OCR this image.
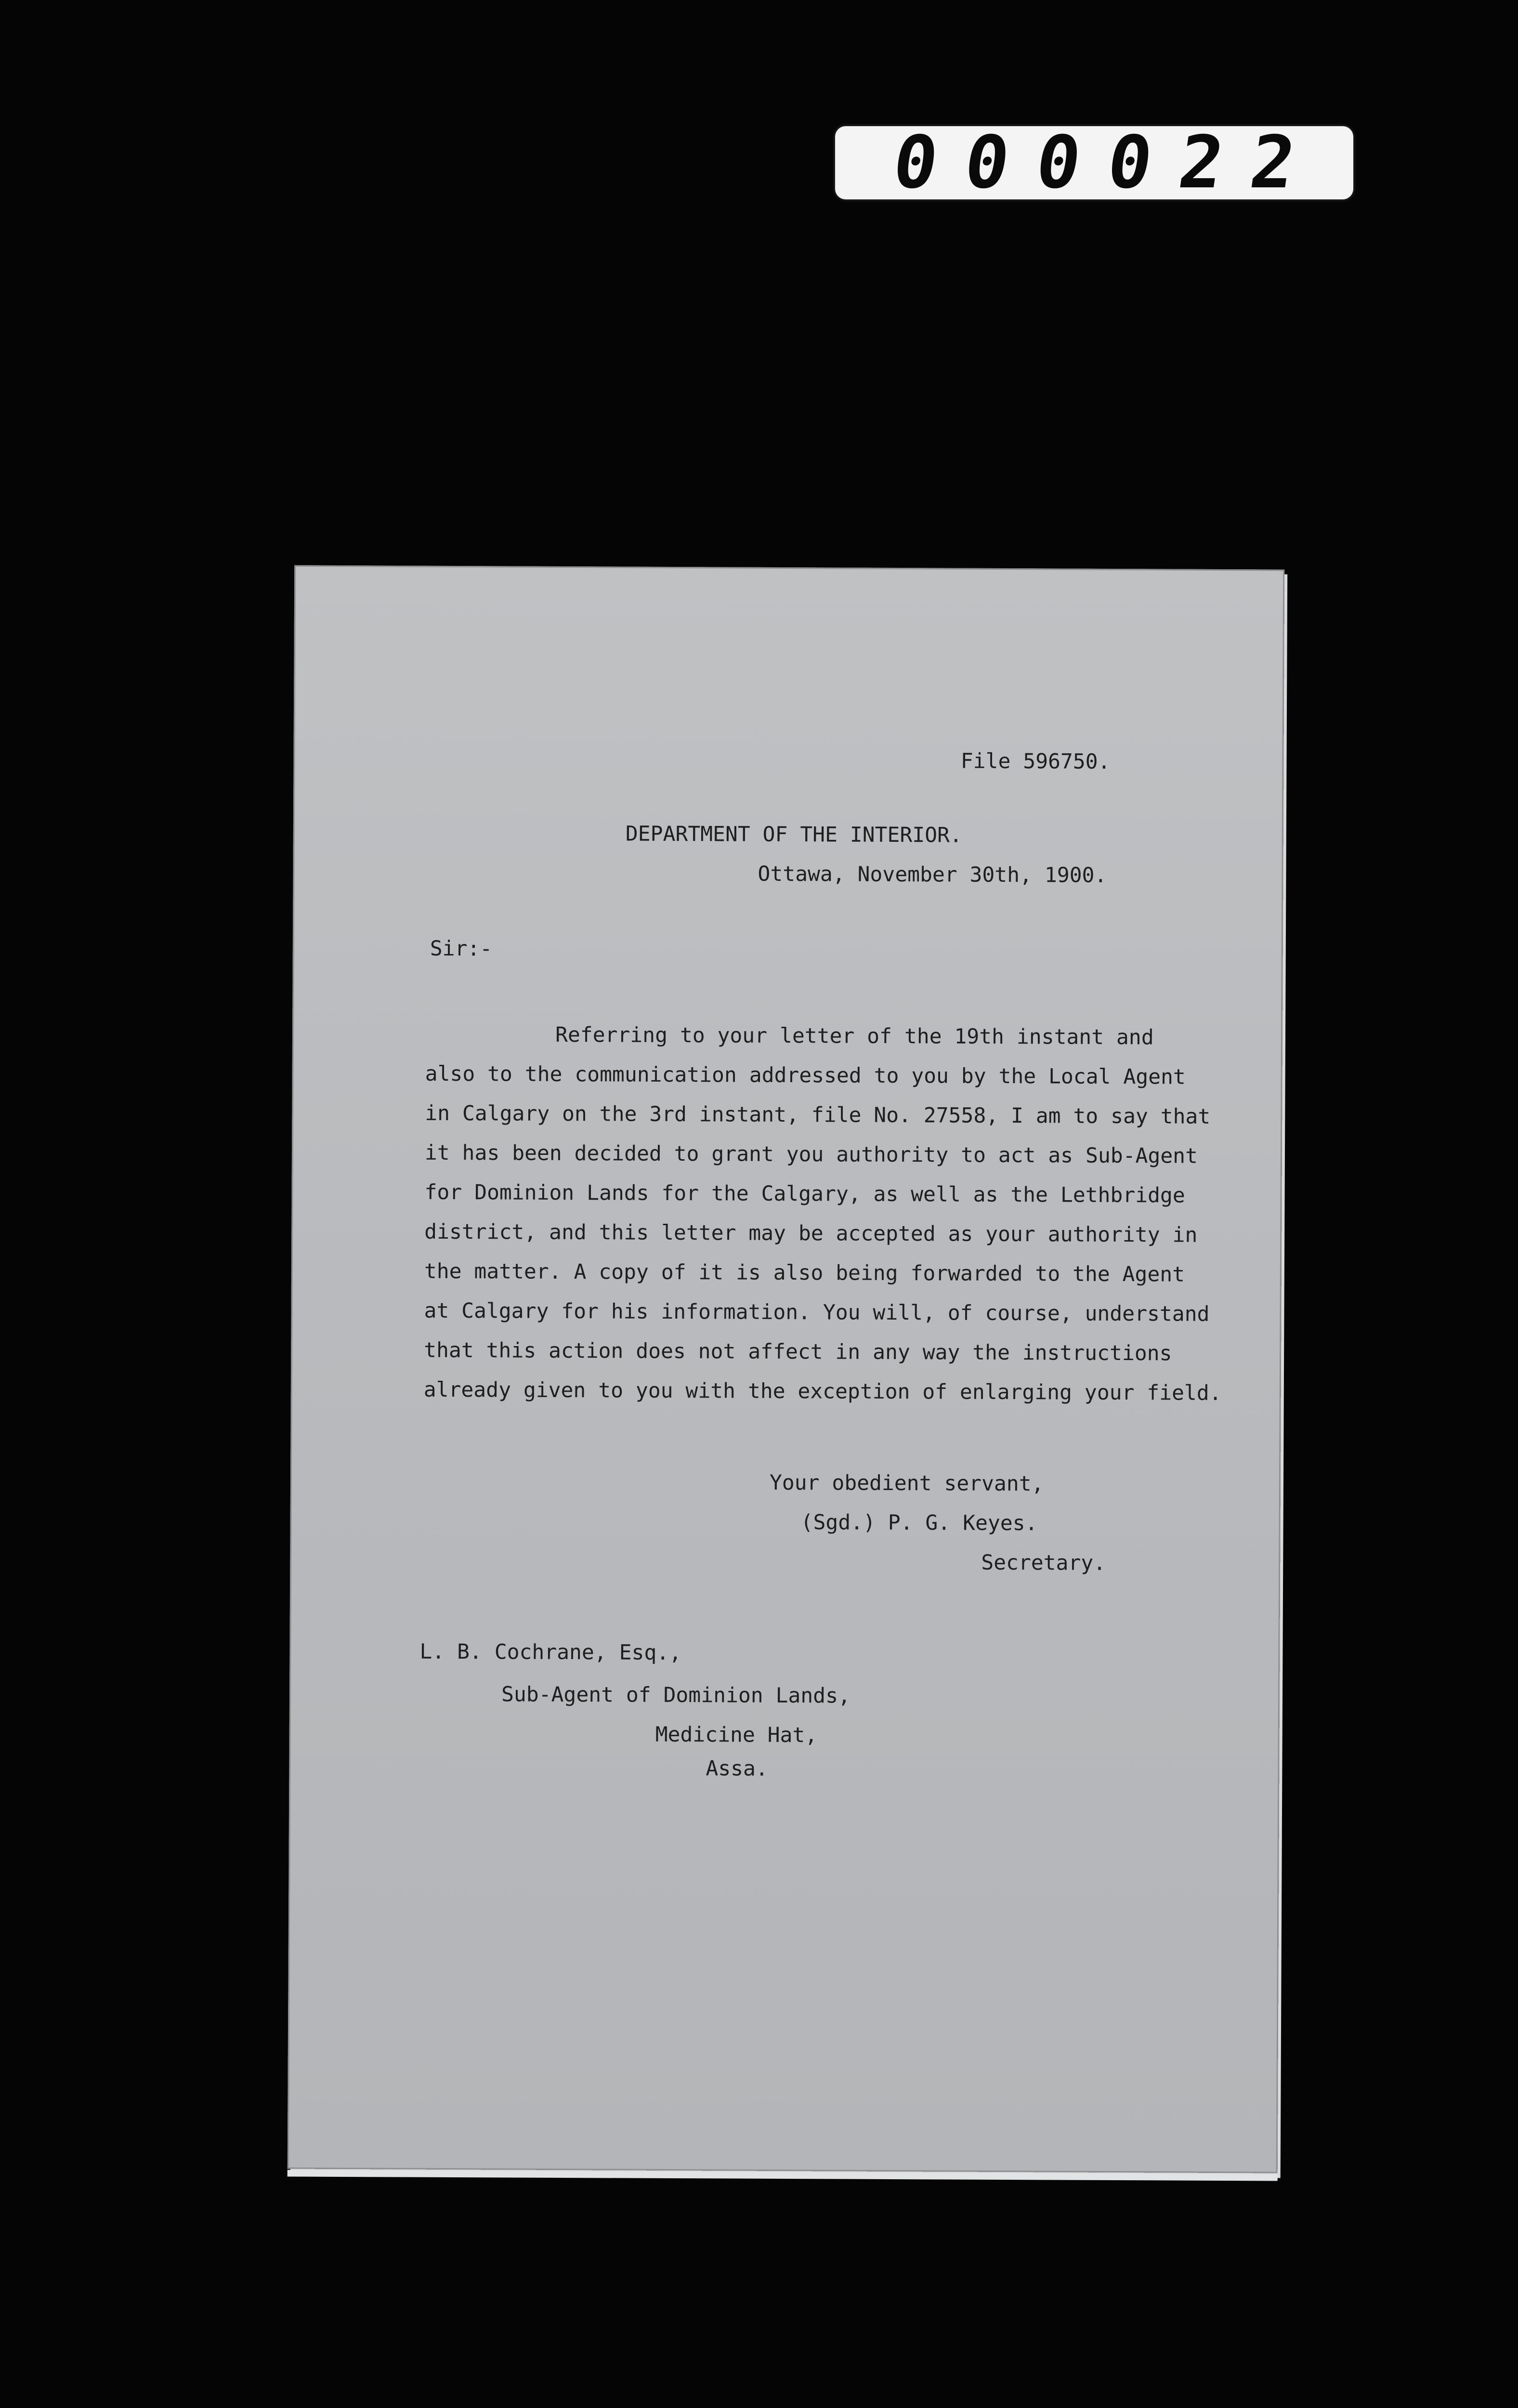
000022
File 596750.
DEPARTMENT OF THE INTERIOR.
Ottawa, November 30th, 1900.
Sir:-

Referring to your letter of the 19th instant and
also to the communication addressed to you by the Local Agent
in Calgary on the 3rd instant, file No. 27558, I am to say that
it has been decided to grant you authority to act as Sub-Agent
for Dominion Lands for the Calgary, as well as the Lethbridge
district, and this letter may be accepted as your authority in
the matter. A copy of it is also being forwarded to the Agent
at Calgary for his information. You will, of course, understand
that this action does not affect in any way the instructions
already given to you with the exception of enlarging your field.

Your obedient servant,
(Sgd.) P. G. Keyes.
Secretary.
L. B. Cochrane, Esq.,
Sub-Agent of Dominion Lands,
Medicine Hat,
Assa.
